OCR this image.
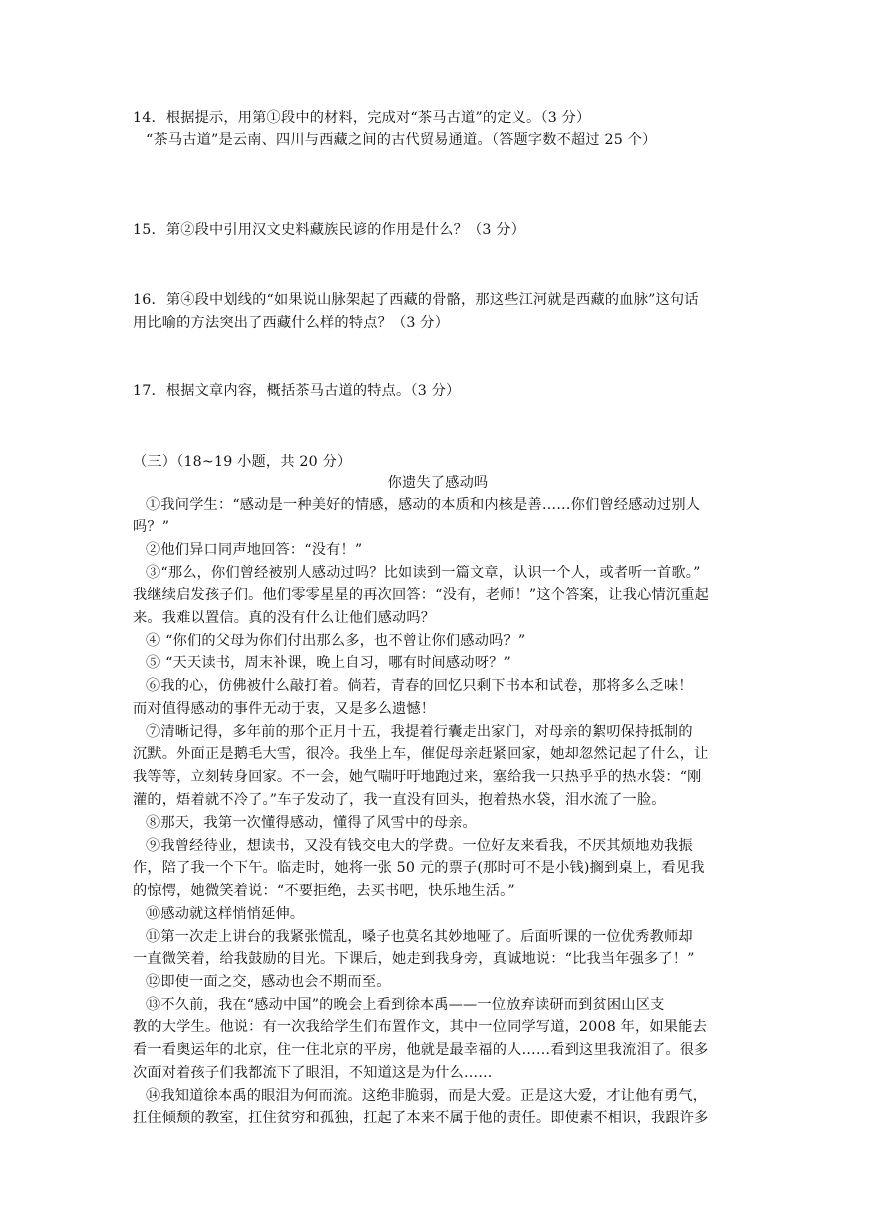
14．根据提示，用第①段中的材料，完成对“茶马古道”的定义。（3 分）
“茶马古道”是云南、四川与西藏之间的古代贸易通道。（答题字数不超过 25 个）
15．第②段中引用汉文史料藏族民谚的作用是什么？（3 分）
16．第④段中划线的“如果说山脉架起了西藏的骨骼，那这些江河就是西藏的血脉”这句话
用比喻的方法突出了西藏什么样的特点？（3 分）
17．根据文章内容，概括茶马古道的特点。（3 分）
（三）（18~19 小题，共 20 分）
你遗失了感动吗
①我问学生：“感动是一种美好的情感，感动的本质和内核是善……你们曾经感动过别人
吗？”
②他们异口同声地回答：“没有！”
③“那么，你们曾经被别人感动过吗？比如读到一篇文章，认识一个人，或者听一首歌。”
我继续启发孩子们。他们零零星星的再次回答：“没有，老师！”这个答案，让我心情沉重起
来。我难以置信。真的没有什么让他们感动吗？
④ “你们的父母为你们付出那么多，也不曾让你们感动吗？”
⑤ “天天读书，周末补课，晚上自习，哪有时间感动呀？”
⑥我的心，仿佛被什么敲打着。倘若，青春的回忆只剩下书本和试卷，那将多么乏味！
而对值得感动的事件无动于衷，又是多么遗憾！
⑦清晰记得，多年前的那个正月十五，我提着行囊走出家门，对母亲的絮叨保持抵制的
沉默。外面正是鹅毛大雪，很冷。我坐上车，催促母亲赶紧回家，她却忽然记起了什么，让
我等等，立刻转身回家。不一会，她气喘吁吁地跑过来，塞给我一只热乎乎的热水袋：“刚
灌的，焐着就不冷了。”车子发动了，我一直没有回头，抱着热水袋，泪水流了一脸。
⑧那天，我第一次懂得感动，懂得了风雪中的母亲。
⑨我曾经待业，想读书，又没有钱交电大的学费。一位好友来看我，不厌其烦地劝我振
作，陪了我一个下午。临走时，她将一张 50 元的票子(那时可不是小钱)搁到桌上，看见我
的惊愕，她微笑着说：“不要拒绝，去买书吧，快乐地生活。”
⑩感动就这样悄悄延伸。
⑪第一次走上讲台的我紧张慌乱，嗓子也莫名其妙地哑了。后面听课的一位优秀教师却
一直微笑着，给我鼓励的目光。下课后，她走到我身旁，真诚地说：“比我当年强多了！”
⑫即使一面之交，感动也会不期而至。
⑬不久前，我在“感动中国”的晚会上看到徐本禹——一位放弃读研而到贫困山区支
教的大学生。他说：有一次我给学生们布置作文，其中一位同学写道，2008 年，如果能去
看一看奥运年的北京，住一住北京的平房，他就是最幸福的人……看到这里我流泪了。很多
次面对着孩子们我都流下了眼泪，不知道这是为什么……
⑭我知道徐本禹的眼泪为何而流。这绝非脆弱，而是大爱。正是这大爱，才让他有勇气，
扛住倾颓的教室，扛住贫穷和孤独，扛起了本来不属于他的责任。即使素不相识，我跟许多
